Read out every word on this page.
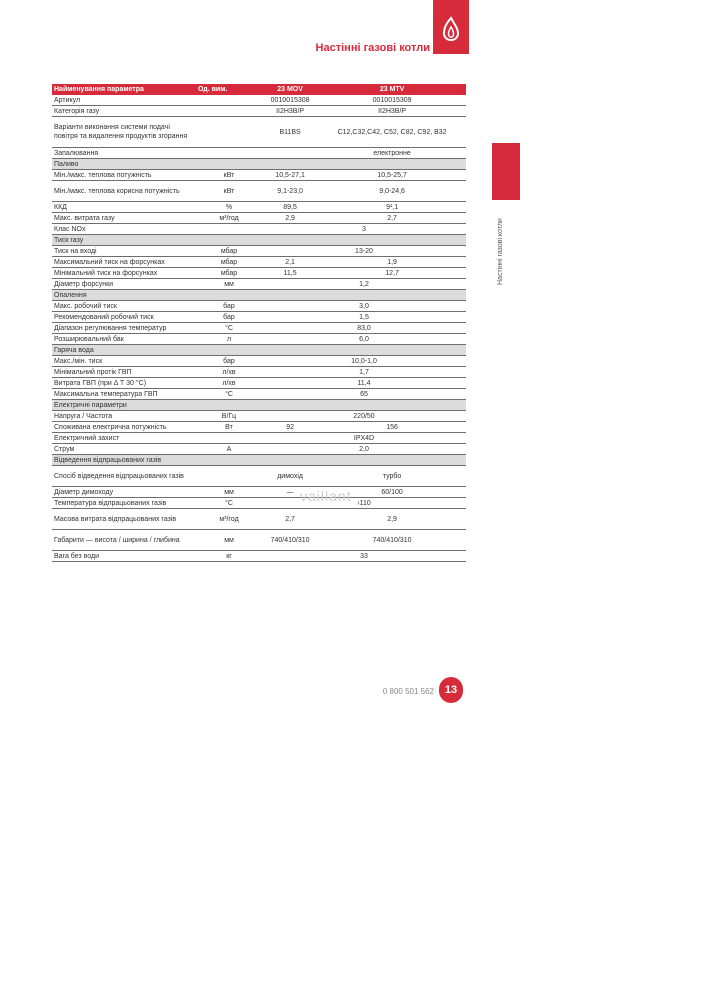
Настінні газові котли
Настінні газові котли
Найменування параметра	Од. вим.	23 MOV	23 MTV
Артикул		0010015308	0010015309
Категорія газу		II2H3B/P	II2H3B/P
Варіанти виконання системи подачі повітря та видалення продуктів згорання		B11BS	C12,C32,C42, C52, C82, C92, B32
Запалювання			електронне
Паливо			
Мін./макс. теплова потужність	кВт	10,5-27,1	10,5-25,7
Мін./макс. теплова корисна потужність	кВт	9,1-23,0	9,0-24,6
ККД	%	89,5	9¹,1
Макс. витрата газу	м³/год	2,9	2,7
Клас NOх		3	
Тиск газу			
Тиск на вході	мбар	13-20	
Максимальний тиск на форсунках	мбар	2,1	1,9
Мінімальний тиск на форсунках	мбар	11,5	12,7
Діаметр форсунки	мм	1,2	
Опалення			
Макс. робочий тиск	бар	3,0	
Рекомендований робочий тиск	бар	1,5	
Діапазон регулювання температур	°С	83,0	
Розширювальний бак	л	6,0	
Гаряча вода			
Макс./мін. тиск	бар	10,0-1,0	
Мінімальний протік ГВП	л/хв	1,7	
Витрата ГВП (при Δ Т 30 °С)	л/хв	11,4	
Максимальна температура ГВП	°С	65	
Електричні параметри			
Напруга / Частота	В/Гц	220/50	
Споживана електрична потужність	Вт	92	156
Електричний захист		IPX4D	
Струм	А	2,0	
Відведення відпрацьованих газів			
Спосіб відведення відпрацьованих газів		димохід	турбо
Діаметр димоходу	мм	—	60/100
Температура відпрацьованих газів	°С	›110	
Масова витрата відпрацьованих газів	м³/год	2,7	2,9
Габарити — висота / ширина / глибина	мм	740/410/310	740/410/310
Вага без води	кг	33	
vaillant
0 800 501 562 13
